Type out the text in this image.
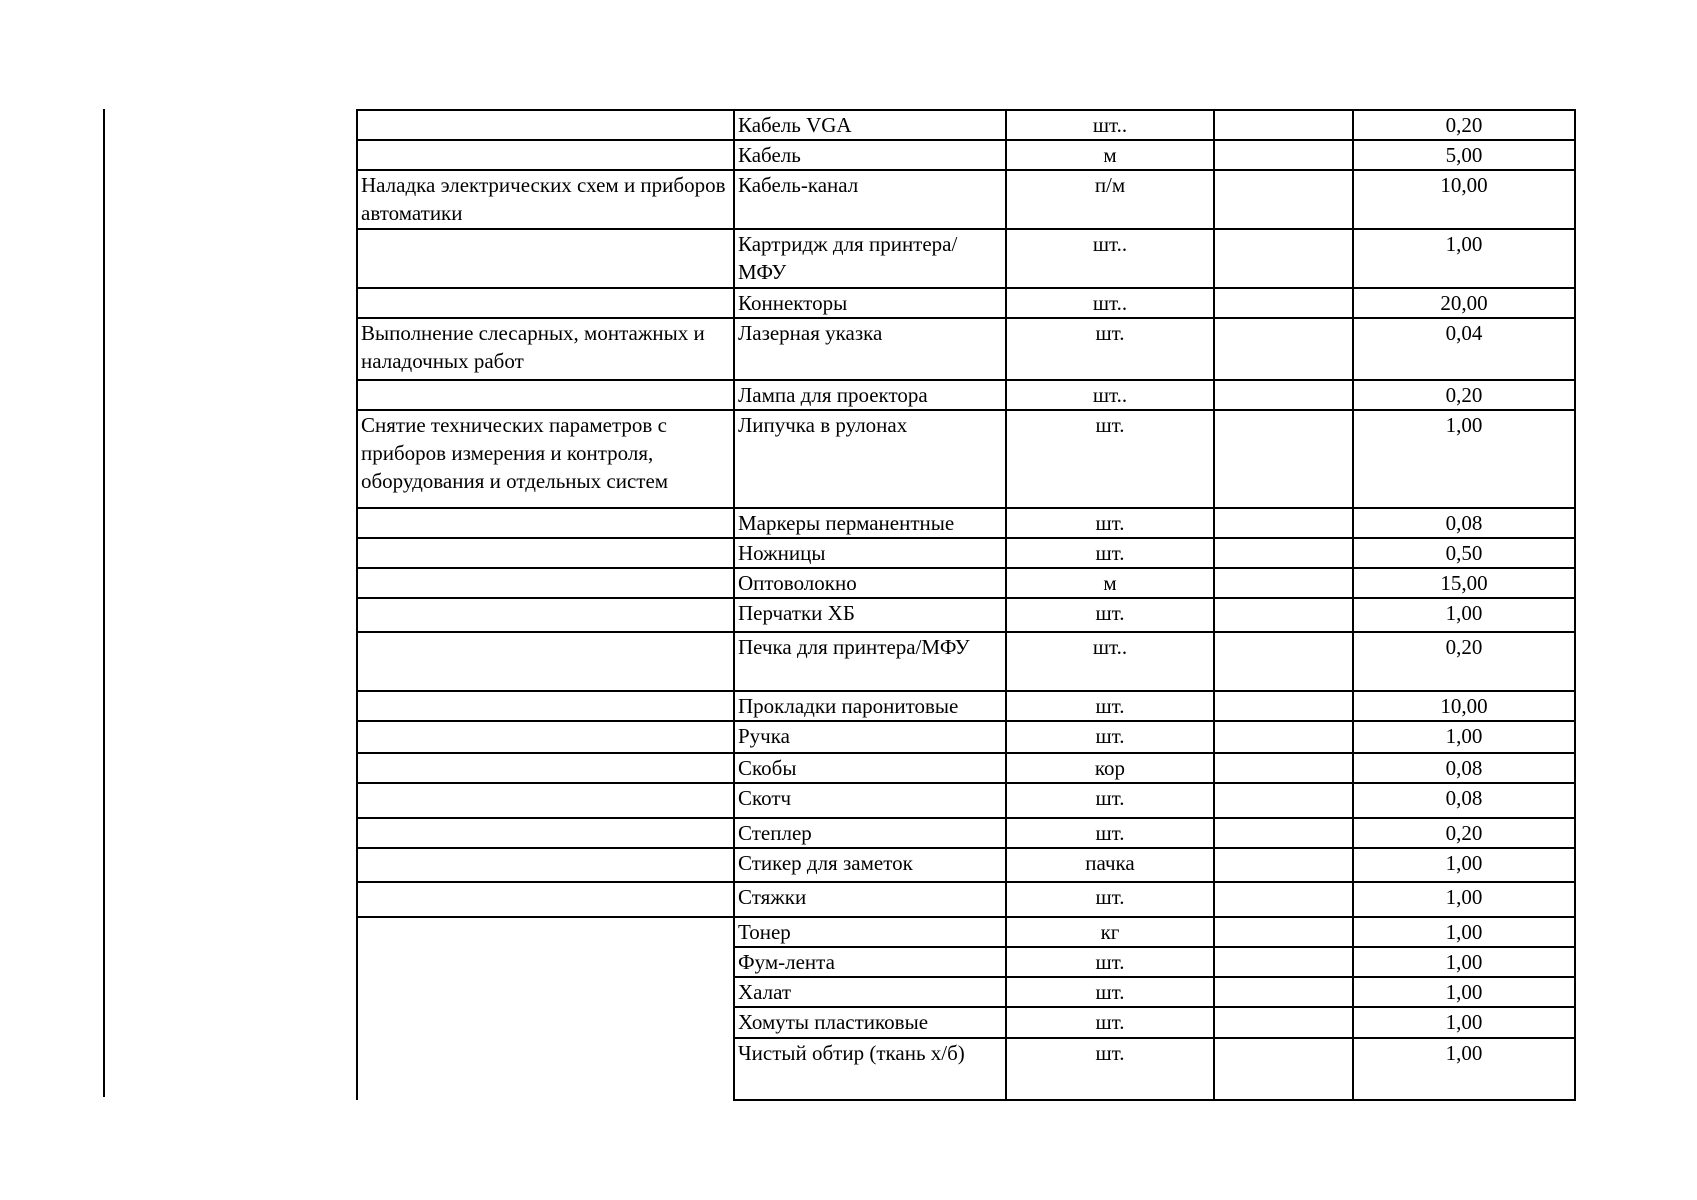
	Кабель VGA	шт..		0,20
	Кабель	м		5,00
Наладка электрических схем и приборов автоматики	Кабель-канал	п/м		10,00
	Картридж для принтера/МФУ	шт..		1,00
	Коннекторы	шт..		20,00
Выполнение слесарных, монтажных и наладочных работ	Лазерная указка	шт.		0,04
	Лампа для проектора	шт..		0,20
Снятие технических параметров с приборов измерения и контроля, оборудования и отдельных систем	Липучка в рулонах	шт.		1,00
	Маркеры перманентные	шт.		0,08
	Ножницы	шт.		0,50
	Оптоволокно	м		15,00
	Перчатки ХБ	шт.		1,00
	Печка для принтера/МФУ	шт..		0,20
	Прокладки паронитовые	шт.		10,00
	Ручка	шт.		1,00
	Скобы	кор		0,08
	Скотч	шт.		0,08
	Степлер	шт.		0,20
	Стикер для заметок	пачка		1,00
	Стяжки	шт.		1,00
	Тонер	кг		1,00
	Фум-лента	шт.		1,00
	Халат	шт.		1,00
	Хомуты пластиковые	шт.		1,00
	Чистый обтир (ткань х/б)	шт.		1,00
